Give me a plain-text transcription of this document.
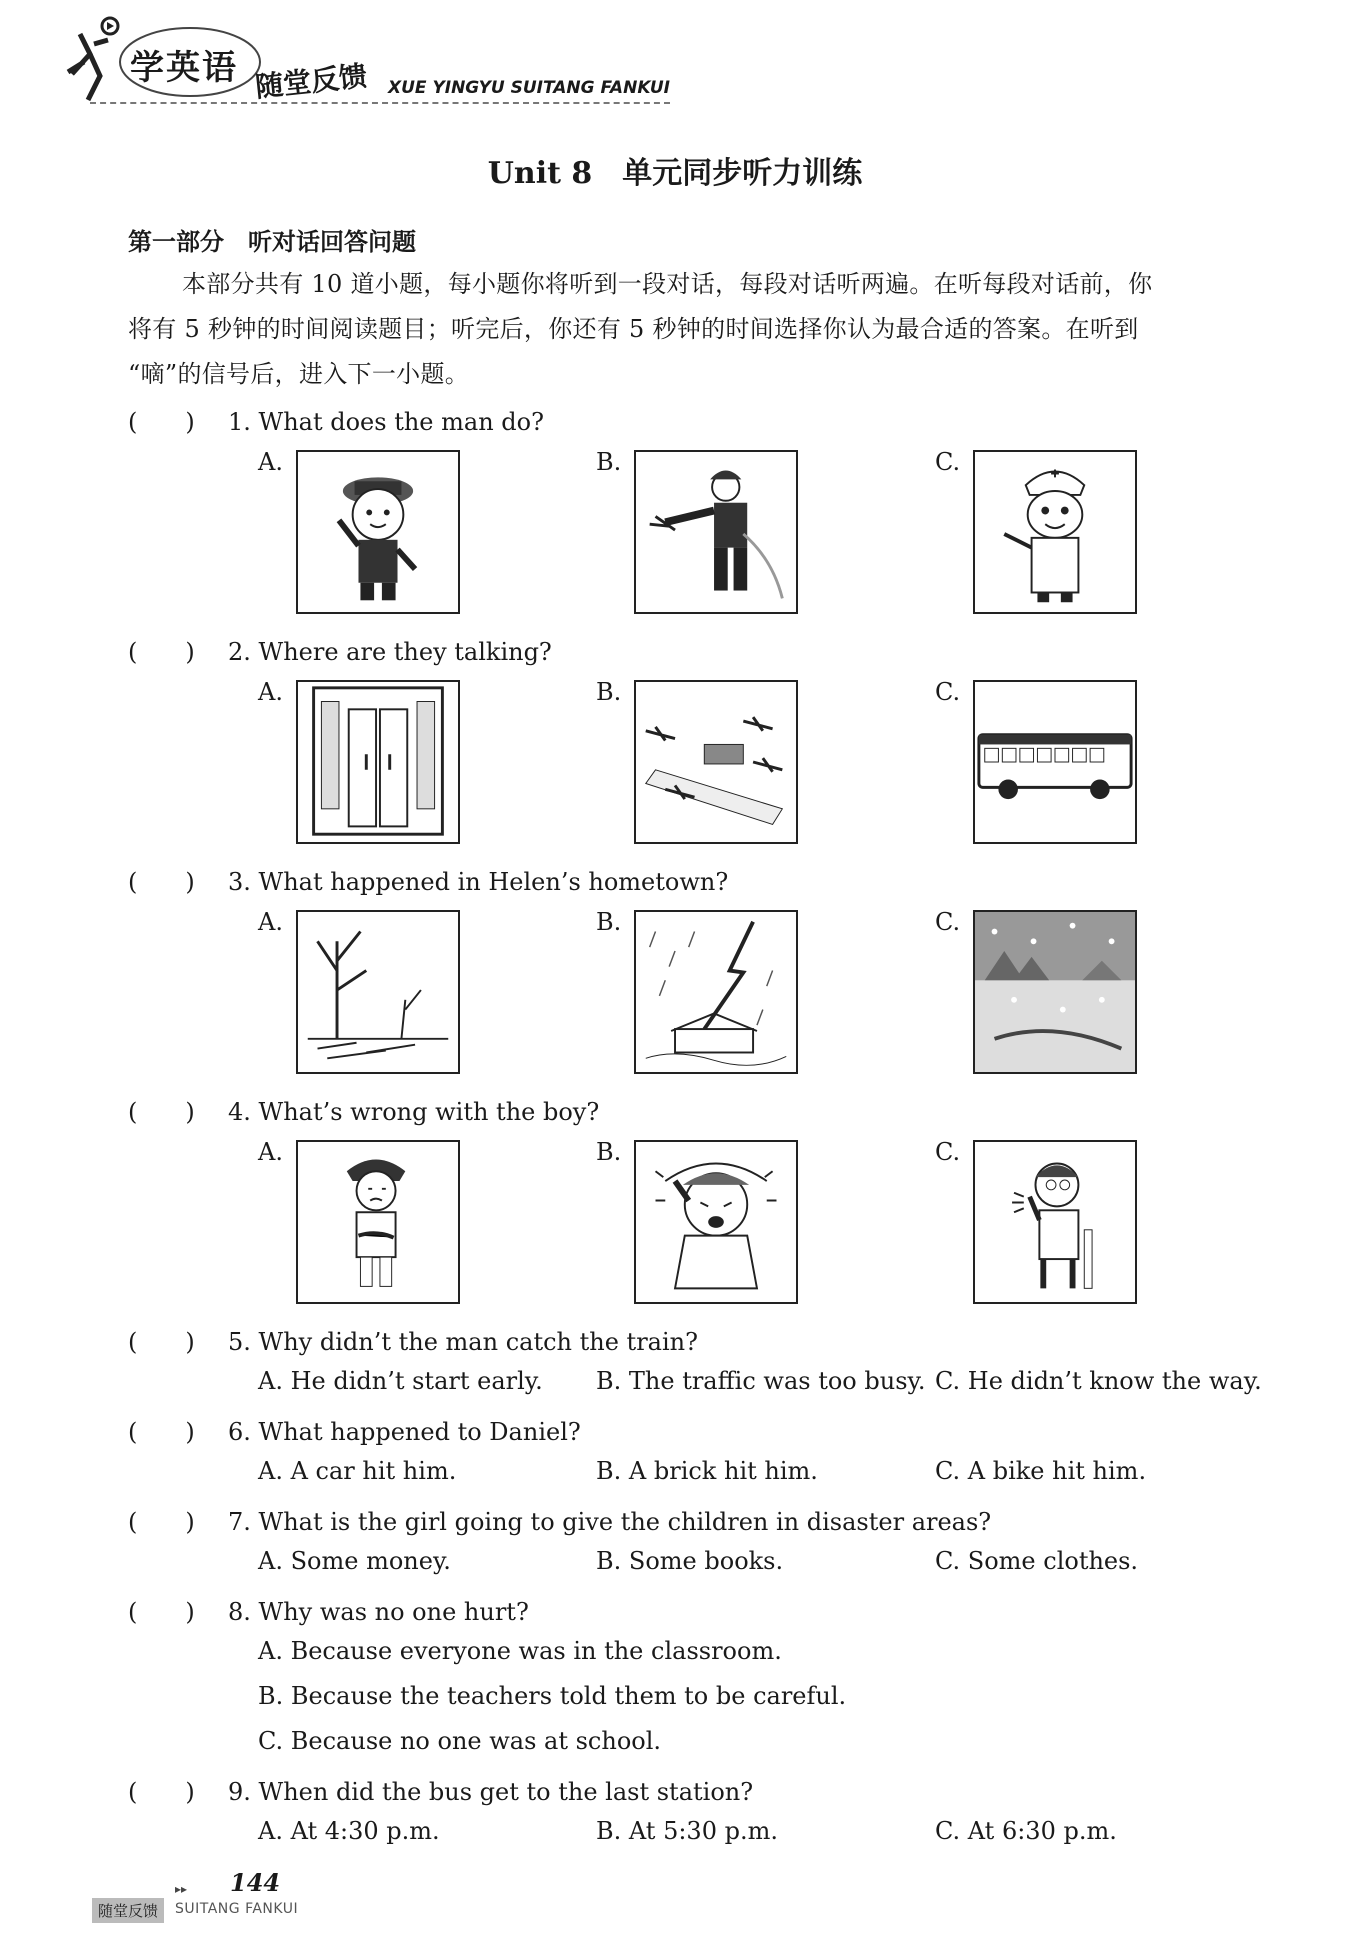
学英语 随堂反馈 XUE YINGYU SUITANG FANKUI
Unit 8　单元同步听力训练
第一部分　听对话回答问题

本部分共有 10 道小题，每小题你将听到一段对话，每段对话听两遍。在听每段对话前，你

将有 5 秒钟的时间阅读题目；听完后，你还有 5 秒钟的时间选择你认为最合适的答案。在听到

“嘀”的信号后，进入下一小题。

(　　) 1. What does the man do?
A.	B.	C.
(　　) 2. Where are they talking?
A.	B.	C.
(　　) 3. What happened in Helen’s hometown?
A.	B.	C.
(　　) 4. What’s wrong with the boy?
A.	B.	C.
(　　) 5. Why didn’t the man catch the train?
A. He didn’t start early. B. The traffic was too busy. C. He didn’t know the way.
(　　) 6. What happened to Daniel?
A. A car hit him.	B. A brick hit him.	C. A bike hit him.
(　　) 7. What is the girl going to give the children in disaster areas?
A. Some money.	B. Some books.	C. Some clothes.
(　　) 8. Why was no one hurt?
A. Because everyone was in the classroom.
B. Because the teachers told them to be careful.
C. Because no one was at school.
(　　) 9. When did the bus get to the last station?
A. At 4:30 p.m.	B. At 5:30 p.m.	C. At 6:30 p.m.
▸▸ 144
随堂反馈	SUITANG FANKUI
